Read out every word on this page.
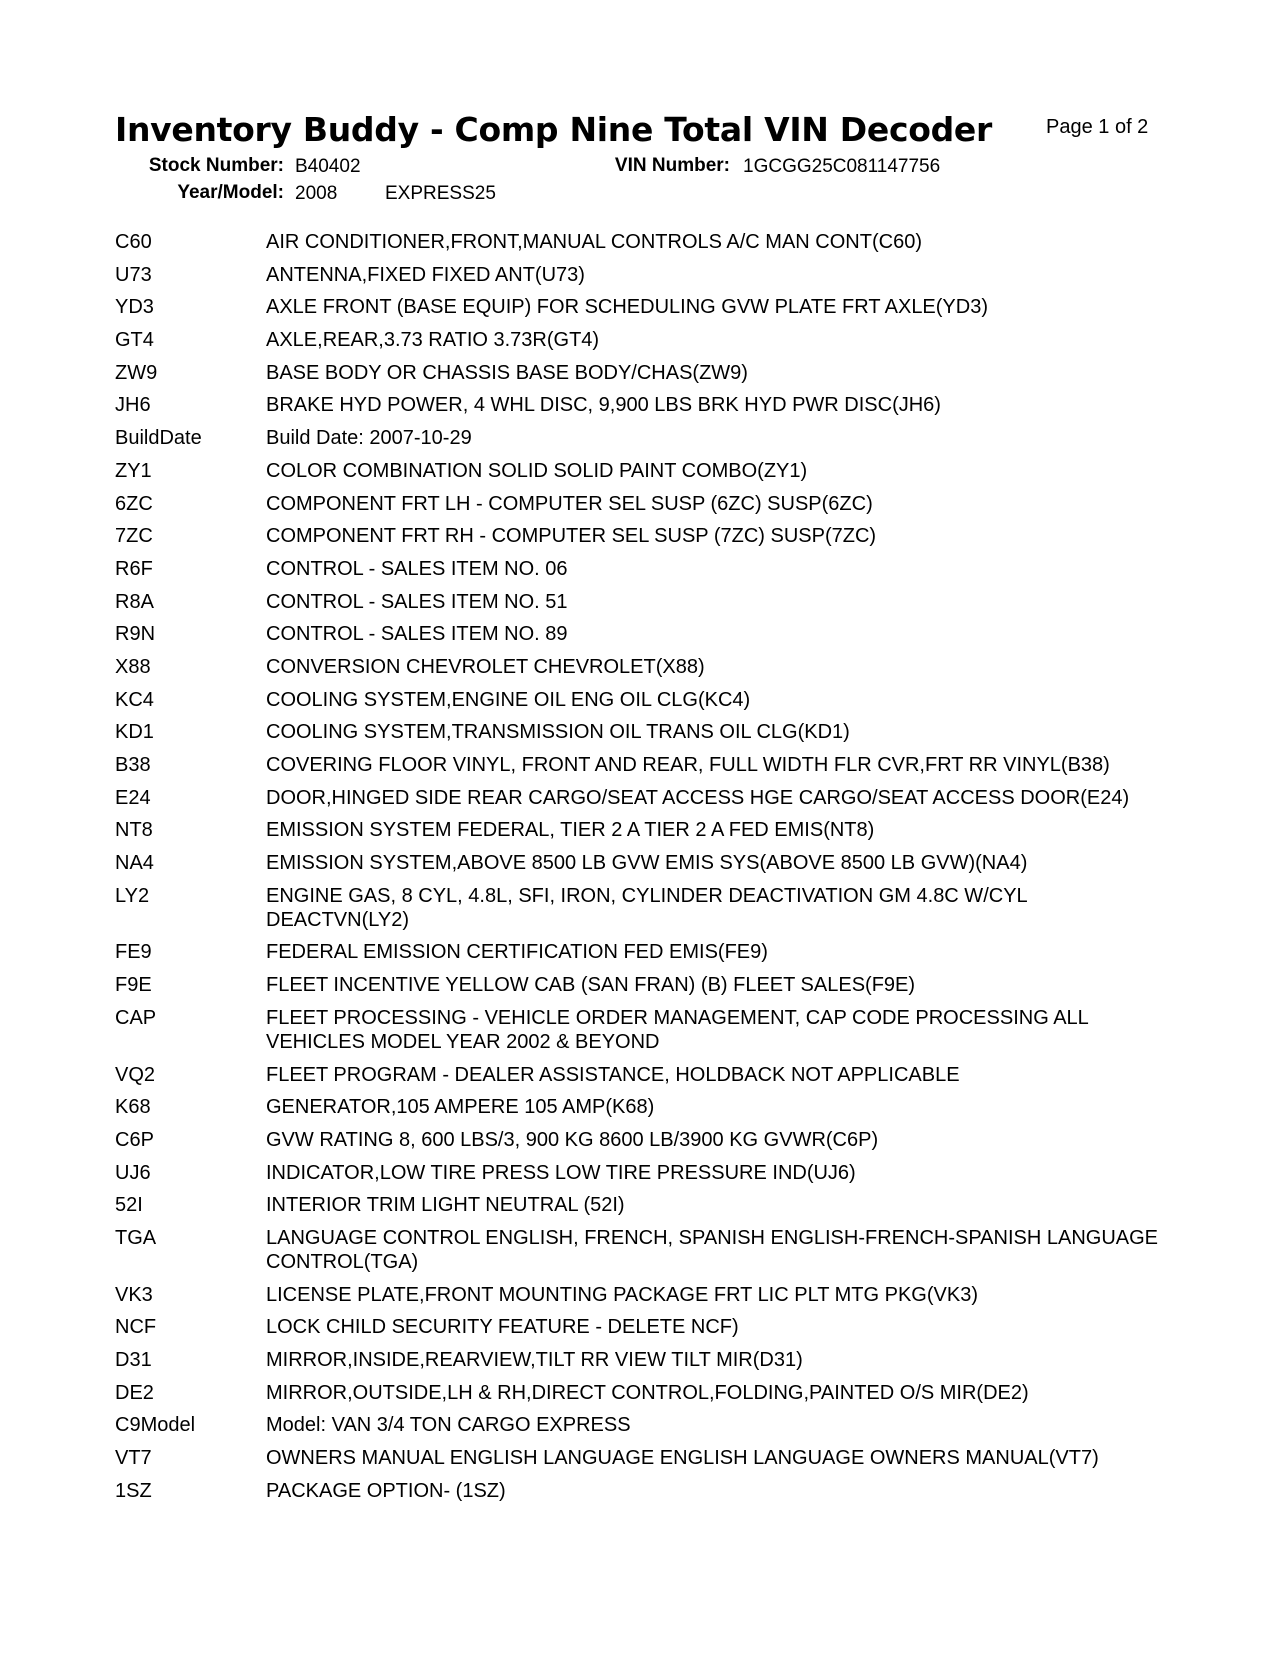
Inventory Buddy - Comp Nine Total VIN Decoder	Page 1 of 2
Stock Number: B40402	VIN Number: 1GCGG25C081147756
Year/Model: 2008	EXPRESS25
C60	AIR CONDITIONER,FRONT,MANUAL CONTROLS A/C MAN CONT(C60)
U73	ANTENNA,FIXED FIXED ANT(U73)
YD3	AXLE FRONT (BASE EQUIP) FOR SCHEDULING GVW PLATE FRT AXLE(YD3)
GT4	AXLE,REAR,3.73 RATIO 3.73R(GT4)
ZW9	BASE BODY OR CHASSIS BASE BODY/CHAS(ZW9)
JH6	BRAKE HYD POWER, 4 WHL DISC, 9,900 LBS BRK HYD PWR DISC(JH6)
BuildDate	Build Date: 2007-10-29
ZY1	COLOR COMBINATION SOLID SOLID PAINT COMBO(ZY1)
6ZC	COMPONENT FRT LH - COMPUTER SEL SUSP (6ZC) SUSP(6ZC)
7ZC	COMPONENT FRT RH - COMPUTER SEL SUSP (7ZC) SUSP(7ZC)
R6F	CONTROL - SALES ITEM NO. 06
R8A	CONTROL - SALES ITEM NO. 51
R9N	CONTROL - SALES ITEM NO. 89
X88	CONVERSION CHEVROLET CHEVROLET(X88)
KC4	COOLING SYSTEM,ENGINE OIL ENG OIL CLG(KC4)
KD1	COOLING SYSTEM,TRANSMISSION OIL TRANS OIL CLG(KD1)
B38	COVERING FLOOR VINYL, FRONT AND REAR, FULL WIDTH FLR CVR,FRT RR VINYL(B38)
E24	DOOR,HINGED SIDE REAR CARGO/SEAT ACCESS HGE CARGO/SEAT ACCESS DOOR(E24)
NT8	EMISSION SYSTEM FEDERAL, TIER 2 A TIER 2 A FED EMIS(NT8)
NA4	EMISSION SYSTEM,ABOVE 8500 LB GVW EMIS SYS(ABOVE 8500 LB GVW)(NA4)
LY2	ENGINE GAS, 8 CYL, 4.8L, SFI, IRON, CYLINDER DEACTIVATION GM 4.8C W/CYL DEACTVN(LY2)
FE9	FEDERAL EMISSION CERTIFICATION FED EMIS(FE9)
F9E	FLEET INCENTIVE YELLOW CAB (SAN FRAN) (B) FLEET SALES(F9E)
CAP	FLEET PROCESSING - VEHICLE ORDER MANAGEMENT, CAP CODE PROCESSING ALL VEHICLES MODEL YEAR 2002 & BEYOND
VQ2	FLEET PROGRAM - DEALER ASSISTANCE, HOLDBACK NOT APPLICABLE
K68	GENERATOR,105 AMPERE 105 AMP(K68)
C6P	GVW RATING 8, 600 LBS/3, 900 KG 8600 LB/3900 KG GVWR(C6P)
UJ6	INDICATOR,LOW TIRE PRESS LOW TIRE PRESSURE IND(UJ6)
52I	INTERIOR TRIM LIGHT NEUTRAL (52I)
TGA	LANGUAGE CONTROL ENGLISH, FRENCH, SPANISH ENGLISH-FRENCH-SPANISH LANGUAGE CONTROL(TGA)
VK3	LICENSE PLATE,FRONT MOUNTING PACKAGE FRT LIC PLT MTG PKG(VK3)
NCF	LOCK CHILD SECURITY FEATURE - DELETE NCF)
D31	MIRROR,INSIDE,REARVIEW,TILT RR VIEW TILT MIR(D31)
DE2	MIRROR,OUTSIDE,LH & RH,DIRECT CONTROL,FOLDING,PAINTED O/S MIR(DE2)
C9Model	Model: VAN 3/4 TON CARGO EXPRESS
VT7	OWNERS MANUAL ENGLISH LANGUAGE ENGLISH LANGUAGE OWNERS MANUAL(VT7)
1SZ	PACKAGE OPTION- (1SZ)
